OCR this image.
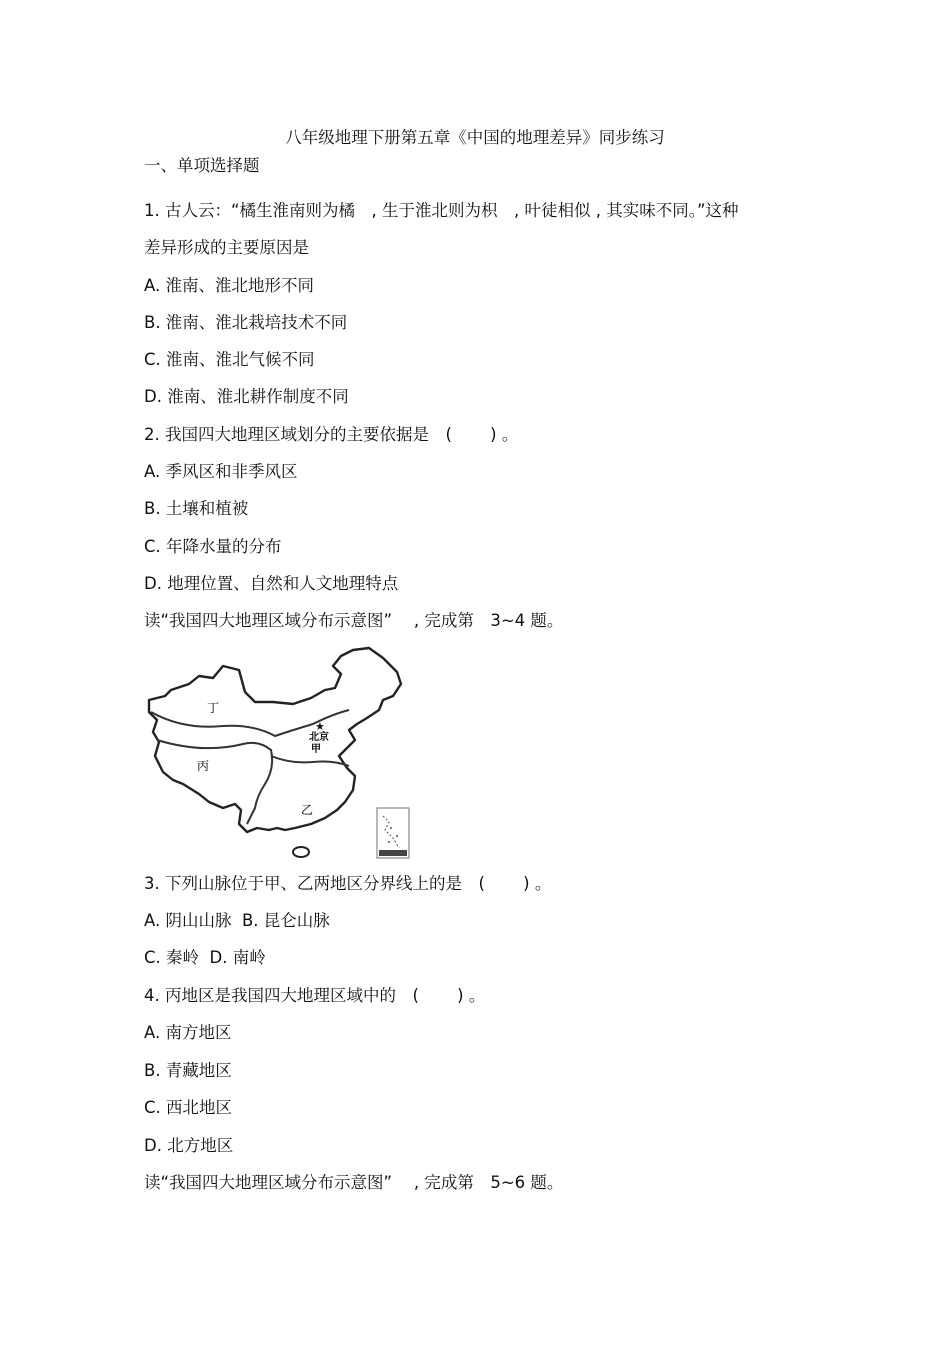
八年级地理下册第五章《中国的地理差异》同步练习
一、单项选择题
1. 古人云：“橘生淮南则为橘　, 生于淮北则为枳　, 叶徒相似 , 其实味不同。”这种
差异形成的主要原因是
A. 淮南、淮北地形不同
B. 淮南、淮北栽培技术不同
C. 淮南、淮北气候不同
D. 淮南、淮北耕作制度不同
2. 我国四大地理区域划分的主要依据是　(　　 ) 。
A. 季风区和非季风区
B. 土壤和植被
C. 年降水量的分布
D. 地理位置、自然和人文地理特点
读“我国四大地理区域分布示意图”　 , 完成第　3~4 题。
★
丁
丙
乙
北京
甲
3. 下列山脉位于甲、乙两地区分界线上的是　(　　 ) 。
A. 阴山山脉  B. 昆仑山脉
C. 秦岭  D. 南岭
4. 丙地区是我国四大地理区域中的　(　　 ) 。
A. 南方地区
B. 青藏地区
C. 西北地区
D. 北方地区
读“我国四大地理区域分布示意图”　 , 完成第　5~6 题。
